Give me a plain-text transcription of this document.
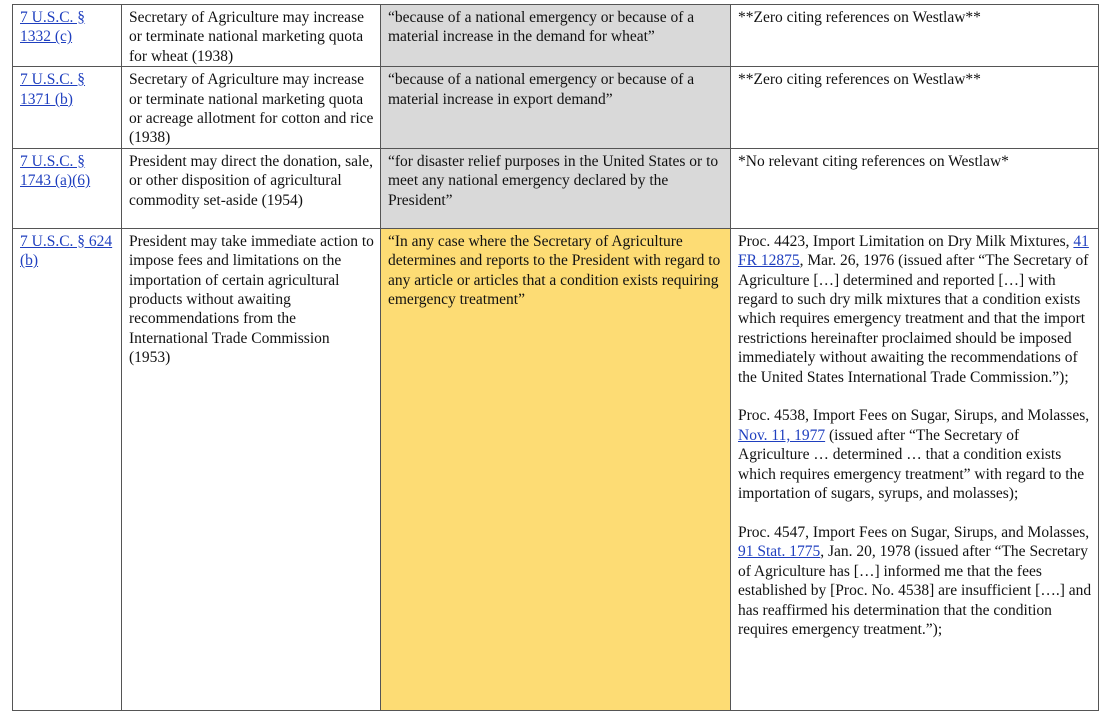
7 U.S.C. § 1332 (c)	Secretary of Agriculture may increase or terminate national marketing quota for wheat (1938)	“because of a national emergency or because of a material increase in the demand for wheat”	**Zero citing references on Westlaw**
7 U.S.C. § 1371 (b)	Secretary of Agriculture may increase or terminate national marketing quota or acreage allotment for cotton and rice (1938)	“because of a national emergency or because of a material increase in export demand”	**Zero citing references on Westlaw**
7 U.S.C. § 1743 (a)(6)	President may direct the donation, sale, or other disposition of agricultural commodity set-aside (1954)	“for disaster relief purposes in the United States or to meet any national emergency declared by the President”	*No relevant citing references on Westlaw*
7 U.S.C. § 624 (b)	President may take immediate action to impose fees and limitations on the importation of certain agricultural products without awaiting recommendations from the International Trade Commission (1953)	“In any case where the Secretary of Agriculture determines and reports to the President with regard to any article or articles that a condition exists requiring emergency treatment”	Proc. 4423, Import Limitation on Dry Milk Mixtures, 41 FR 12875, Mar. 26, 1976 (issued after “The Secretary of Agriculture […] determined and reported […] with regard to such dry milk mixtures that a condition exists which requires emergency treatment and that the import restrictions hereinafter proclaimed should be imposed immediately without awaiting the recommendations of the United States International Trade Commission.”);
Proc. 4538, Import Fees on Sugar, Sirups, and Molasses, Nov. 11, 1977 (issued after “The Secretary of Agriculture … determined … that a condition exists which requires emergency treatment” with regard to the importation of sugars, syrups, and molasses);
Proc. 4547, Import Fees on Sugar, Sirups, and Molasses, 91 Stat. 1775, Jan. 20, 1978 (issued after “The Secretary of Agriculture has […] informed me that the fees established by [Proc. No. 4538] are insufficient [….] and has reaffirmed his determination that the condition requires emergency treatment.”);
